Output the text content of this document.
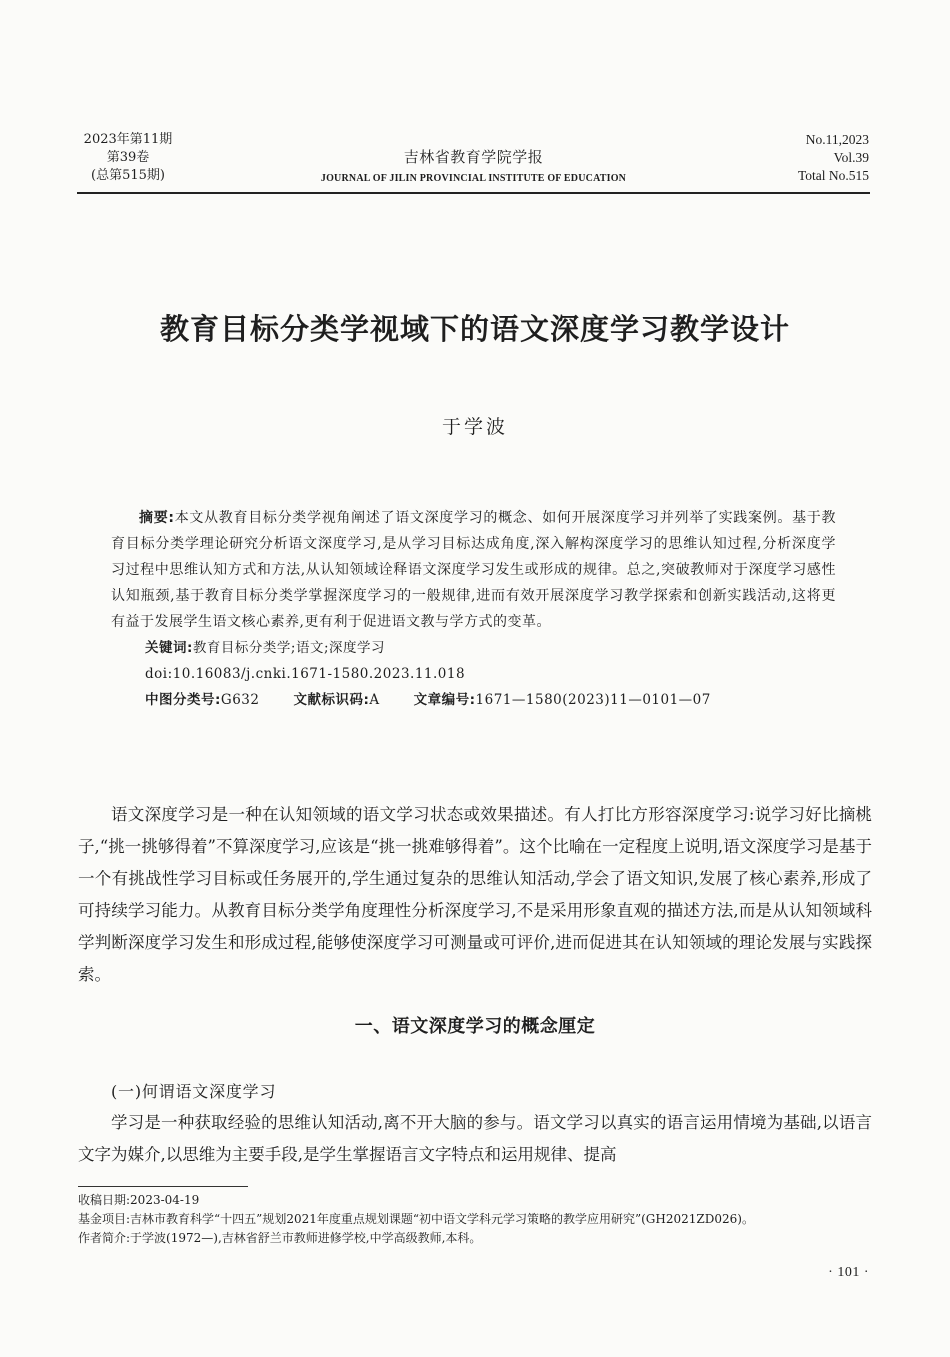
2023年第11期
第39卷
(总第515期)
吉林省教育学院学报
JOURNAL OF JILIN PROVINCIAL INSTITUTE OF EDUCATION
No.11,2023
Vol.39
Total No.515
教育目标分类学视域下的语文深度学习教学设计
于学波

摘要:本文从教育目标分类学视角阐述了语文深度学习的概念、如何开展深度学习并列举了实践案例。基于教育目标分类学理论研究分析语文深度学习,是从学习目标达成角度,深入解构深度学习的思维认知过程,分析深度学习过程中思维认知方式和方法,从认知领域诠释语文深度学习发生或形成的规律。总之,突破教师对于深度学习感性认知瓶颈,基于教育目标分类学掌握深度学习的一般规律,进而有效开展深度学习教学探索和创新实践活动,这将更有益于发展学生语文核心素养,更有利于促进语文教与学方式的变革。

关键词:教育目标分类学;语文;深度学习

doi:10.16083/j.cnki.1671-1580.2023.11.018

中图分类号:G632	文献标识码:A	文章编号:1671—1580(2023)11—0101—07

语文深度学习是一种在认知领域的语文学习状态或效果描述。有人打比方形容深度学习:说学习好比摘桃子,“挑一挑够得着”不算深度学习,应该是“挑一挑难够得着”。这个比喻在一定程度上说明,语文深度学习是基于一个有挑战性学习目标或任务展开的,学生通过复杂的思维认知活动,学会了语文知识,发展了核心素养,形成了可持续学习能力。从教育目标分类学角度理性分析深度学习,不是采用形象直观的描述方法,而是从认知领域科学判断深度学习发生和形成过程,能够使深度学习可测量或可评价,进而促进其在认知领域的理论发展与实践探索。

一、语文深度学习的概念厘定
(一)何谓语文深度学习

学习是一种获取经验的思维认知活动,离不开大脑的参与。语文学习以真实的语言运用情境为基础,以语言文字为媒介,以思维为主要手段,是学生掌握语言文字特点和运用规律、提高

收稿日期:2023-04-19
基金项目:吉林市教育科学“十四五”规划2021年度重点规划课题“初中语文学科元学习策略的教学应用研究”(GH2021ZD026)。
作者简介:于学波(1972—),吉林省舒兰市教师进修学校,中学高级教师,本科。
· 101 ·
